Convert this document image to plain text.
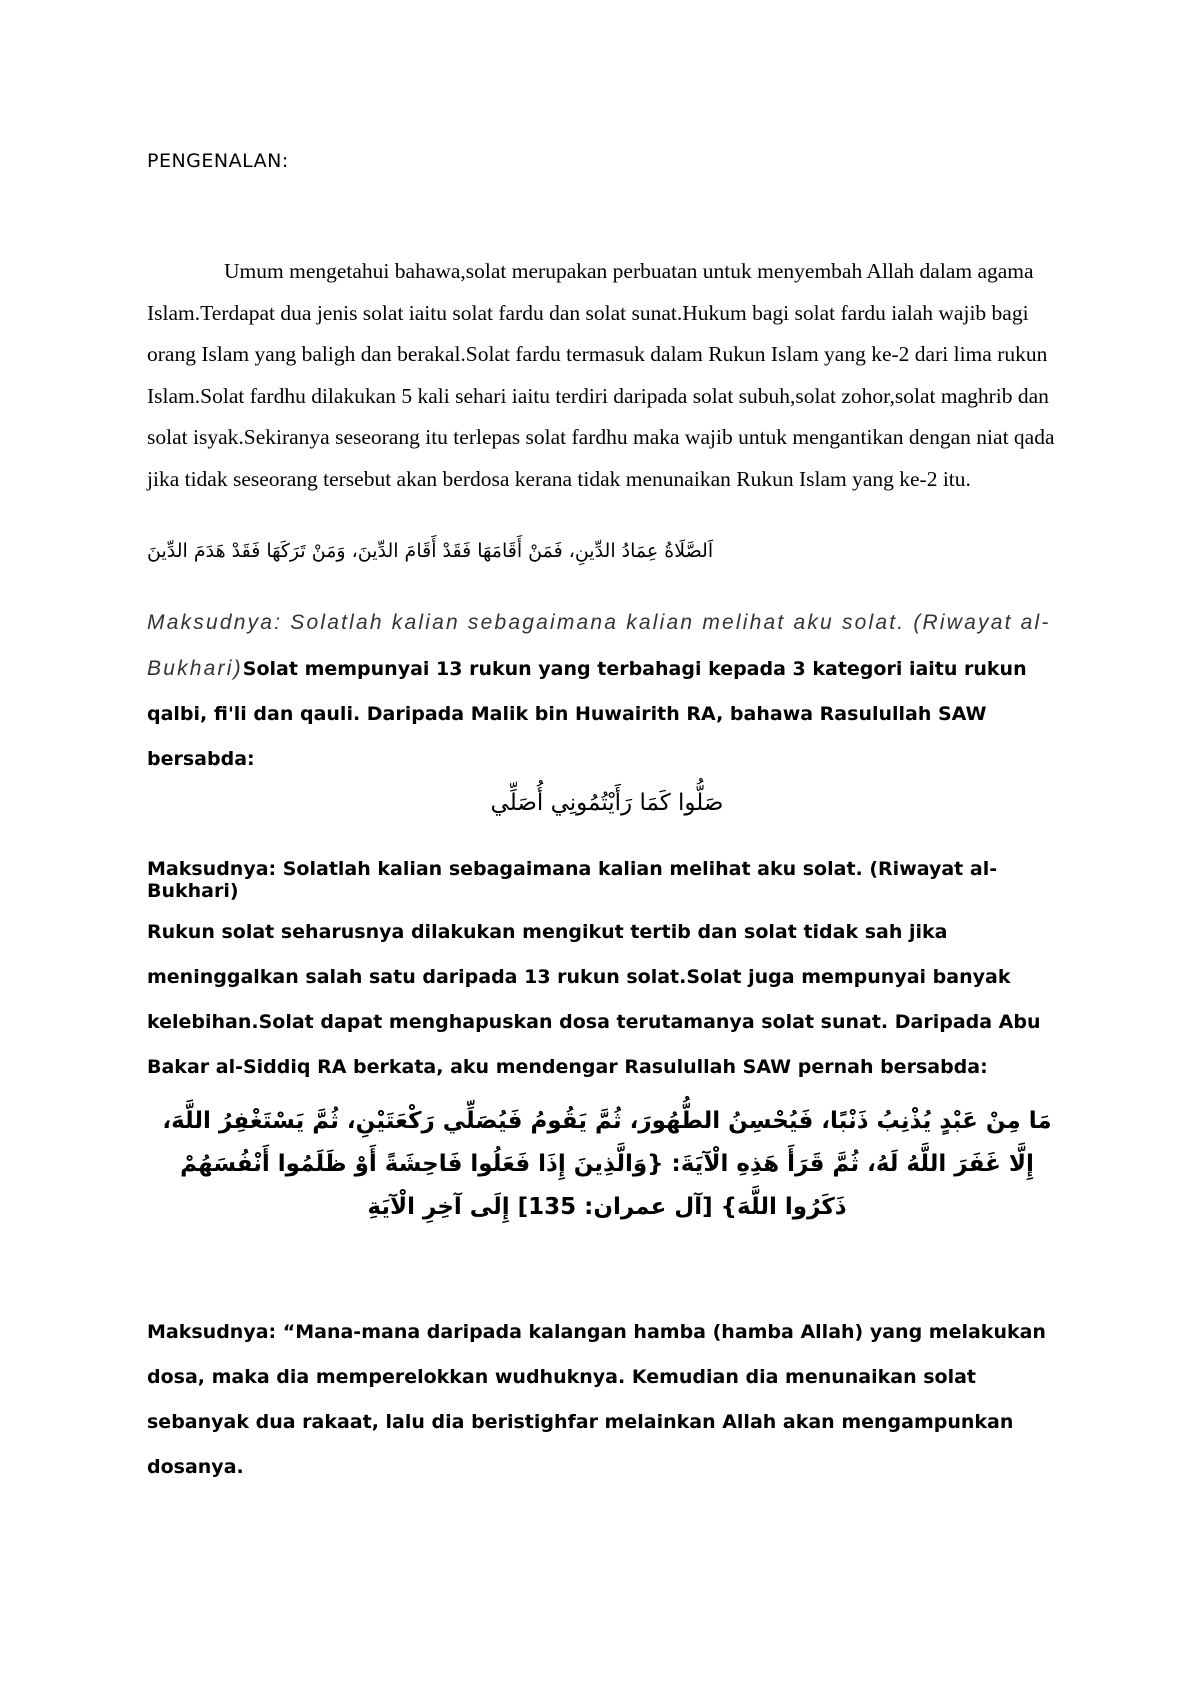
PENGENALAN:

Umum mengetahui bahawa,solat merupakan perbuatan untuk menyembah Allah dalam agama Islam.Terdapat dua jenis solat iaitu solat fardu dan solat sunat.Hukum bagi solat fardu ialah wajib bagi orang Islam yang baligh dan berakal.Solat fardu termasuk dalam Rukun Islam yang ke-2 dari lima rukun Islam.Solat fardhu dilakukan 5 kali sehari iaitu terdiri daripada solat subuh,solat zohor,solat maghrib dan solat isyak.Sekiranya seseorang itu terlepas solat fardhu maka wajib untuk mengantikan dengan niat qada jika tidak seseorang tersebut akan berdosa kerana tidak menunaikan Rukun Islam yang ke-2 itu.

اَلصَّلَاةُ عِمَادُ الدِّينِ، فَمَنْ أَقَامَهَا فَقَدْ أَقَامَ الدِّينَ، وَمَنْ تَرَكَهَا فَقَدْ هَدَمَ الدِّينَ

Maksudnya: Solatlah kalian sebagaimana kalian melihat aku solat. (Riwayat al-Bukhari)Solat mempunyai 13 rukun yang terbahagi kepada 3 kategori iaitu rukun qalbi, fi'li dan qauli. Daripada Malik bin Huwairith RA, bahawa Rasulullah SAW bersabda:

صَلُّوا كَمَا رَأَيْتُمُونِي أُصَلِّي

Maksudnya: Solatlah kalian sebagaimana kalian melihat aku solat. (Riwayat al-Bukhari)

Rukun solat seharusnya dilakukan mengikut tertib dan solat tidak sah jika meninggalkan salah satu daripada 13 rukun solat.Solat juga mempunyai banyak kelebihan.Solat dapat menghapuskan dosa terutamanya solat sunat. Daripada Abu Bakar al-Siddiq RA berkata, aku mendengar Rasulullah SAW pernah bersabda:

مَا مِنْ عَبْدٍ يُذْنِبُ ذَنْبًا، فَيُحْسِنُ الطُّهُورَ، ثُمَّ يَقُومُ فَيُصَلِّي رَكْعَتَيْنِ، ثُمَّ يَسْتَغْفِرُ اللَّهَ، إِلَّا غَفَرَ اللَّهُ لَهُ، ثُمَّ قَرَأَ هَذِهِ الْآيَةَ: {وَالَّذِينَ إِذَا فَعَلُوا فَاحِشَةً أَوْ ظَلَمُوا أَنْفُسَهُمْ ذَكَرُوا اللَّهَ} [آل عمران: 135] إِلَى آخِرِ الْآيَةِ

Maksudnya: “Mana-mana daripada kalangan hamba (hamba Allah) yang melakukan dosa, maka dia memperelokkan wudhuknya. Kemudian dia menunaikan solat sebanyak dua rakaat, lalu dia beristighfar melainkan Allah akan mengampunkan dosanya.
